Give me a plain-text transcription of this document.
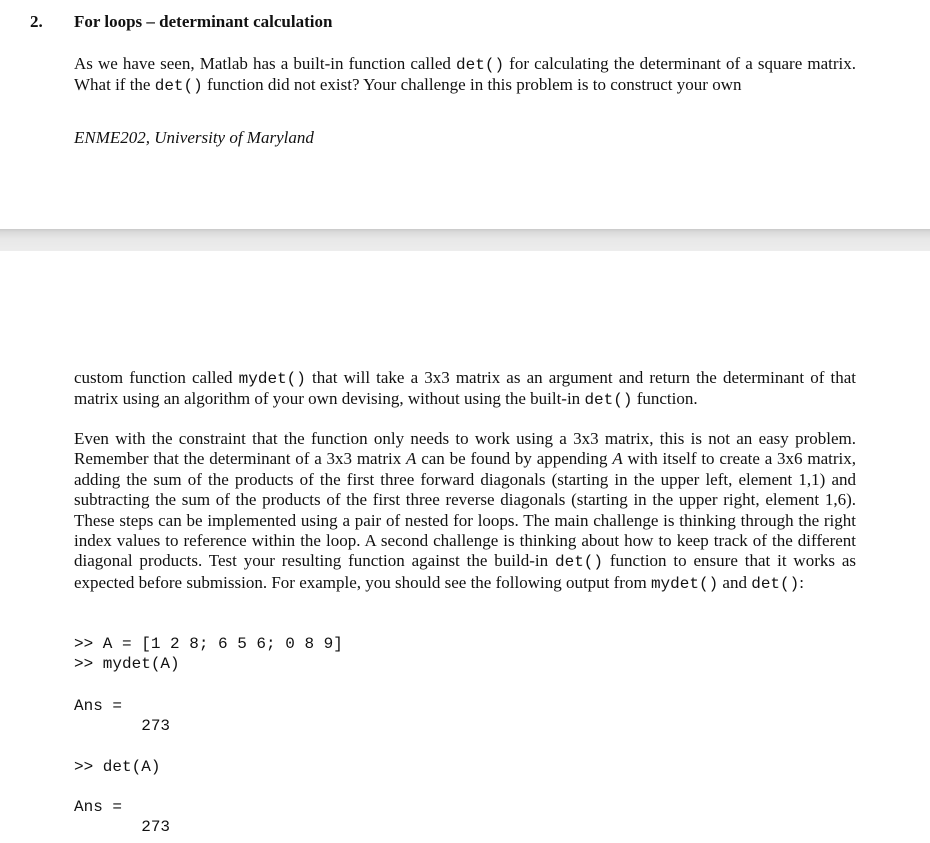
2. For loops – determinant calculation

As we have seen, Matlab has a built-in function called det() for calculating the determinant of a square matrix. What if the det() function did not exist? Your challenge in this problem is to construct your own

ENME202, University of Maryland

custom function called mydet() that will take a 3x3 matrix as an argument and return the determinant of that matrix using an algorithm of your own devising, without using the built-in det() function.

Even with the constraint that the function only needs to work using a 3x3 matrix, this is not an easy problem. Remember that the determinant of a 3x3 matrix A can be found by appending A with itself to create a 3x6 matrix, adding the sum of the products of the first three forward diagonals (starting in the upper left, element 1,1) and subtracting the sum of the products of the first three reverse diagonals (starting in the upper right, element 1,6). These steps can be implemented using a pair of nested for loops. The main challenge is thinking through the right index values to reference within the loop. A second challenge is thinking about how to keep track of the different diagonal products. Test your resulting function against the build-in det() function to ensure that it works as expected before submission. For example, you should see the following output from mydet() and det():

>> A = [1 2 8; 6 5 6; 0 8 9]
>> mydet(A)
Ans =
273
>> det(A)
Ans =
273
